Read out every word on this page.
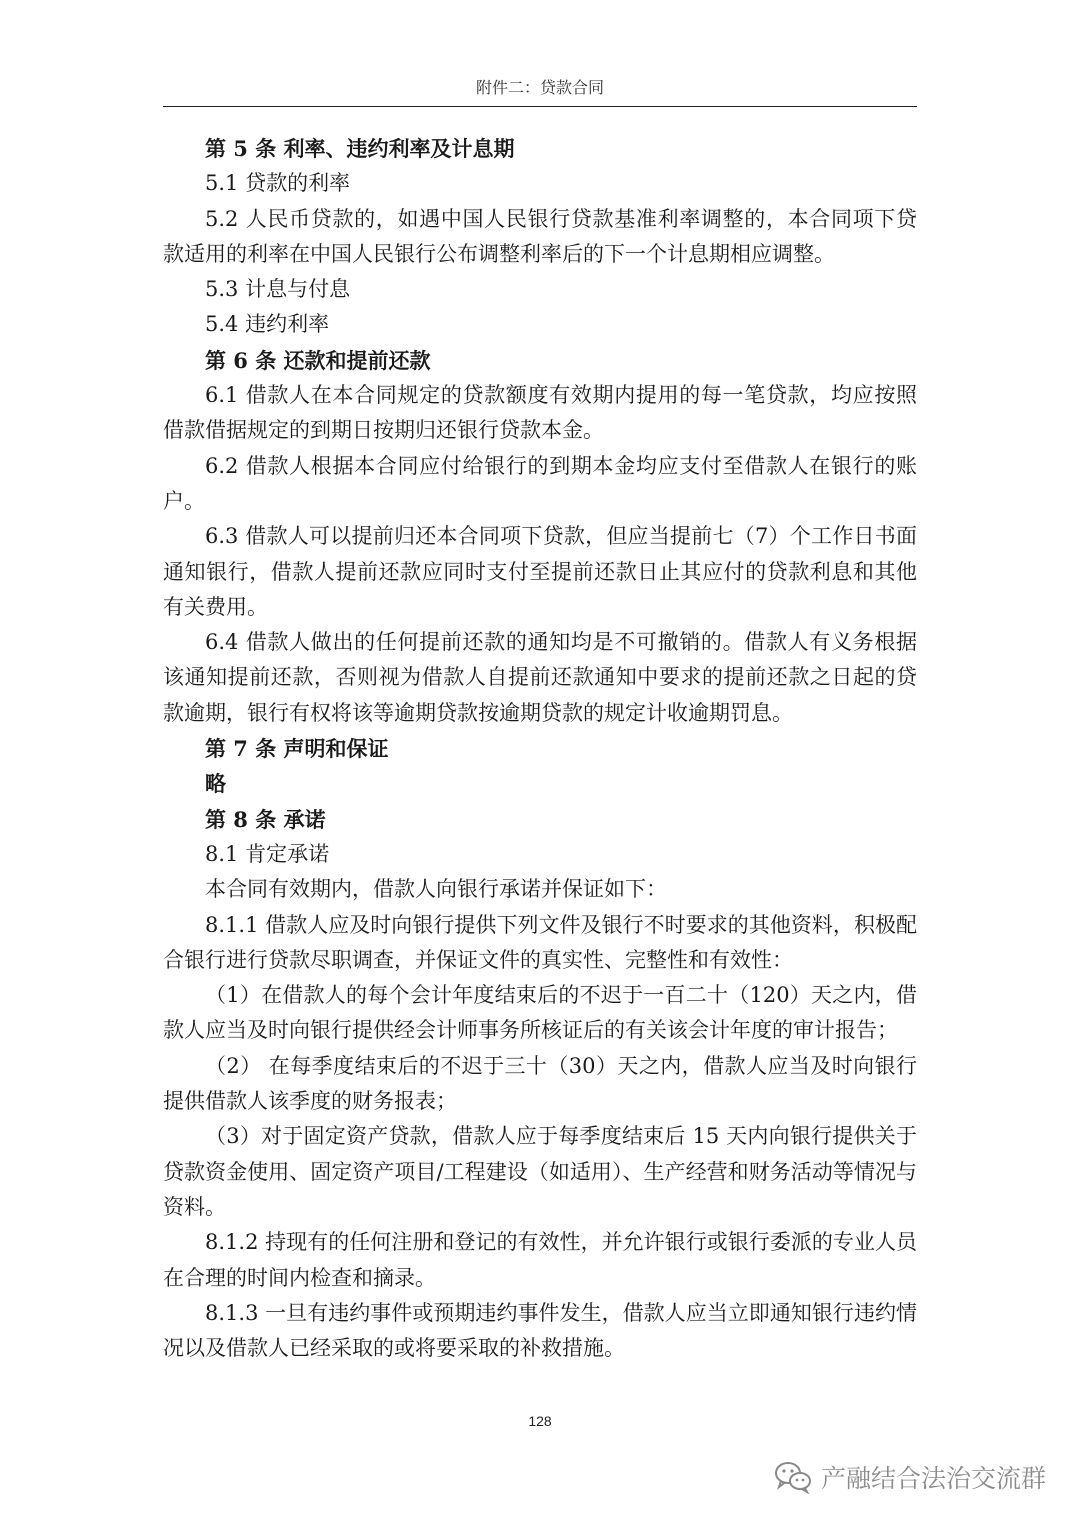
附件二：贷款合同

第 5 条 利率、违约利率及计息期

5.1 贷款的利率

5.2 人民币贷款的，如遇中国人民银行贷款基准利率调整的，本合同项下贷款适用的利率在中国人民银行公布调整利率后的下一个计息期相应调整。

5.3 计息与付息

5.4 违约利率

第 6 条 还款和提前还款

6.1 借款人在本合同规定的贷款额度有效期内提用的每一笔贷款，均应按照借款借据规定的到期日按期归还银行贷款本金。

6.2 借款人根据本合同应付给银行的到期本金均应支付至借款人在银行的账户。

6.3 借款人可以提前归还本合同项下贷款，但应当提前七（7）个工作日书面通知银行，借款人提前还款应同时支付至提前还款日止其应付的贷款利息和其他有关费用。

6.4 借款人做出的任何提前还款的通知均是不可撤销的。借款人有义务根据该通知提前还款，否则视为借款人自提前还款通知中要求的提前还款之日起的贷款逾期，银行有权将该等逾期贷款按逾期贷款的规定计收逾期罚息。

第 7 条 声明和保证

略

第 8 条 承诺

8.1 肯定承诺

本合同有效期内，借款人向银行承诺并保证如下：

8.1.1 借款人应及时向银行提供下列文件及银行不时要求的其他资料，积极配合银行进行贷款尽职调查，并保证文件的真实性、完整性和有效性：

（1）在借款人的每个会计年度结束后的不迟于一百二十（120）天之内，借款人应当及时向银行提供经会计师事务所核证后的有关该会计年度的审计报告；

（2） 在每季度结束后的不迟于三十（30）天之内，借款人应当及时向银行提供借款人该季度的财务报表；

（3）对于固定资产贷款，借款人应于每季度结束后 15 天内向银行提供关于贷款资金使用、固定资产项目/工程建设（如适用）、生产经营和财务活动等情况与资料。

8.1.2 持现有的任何注册和登记的有效性，并允许银行或银行委派的专业人员在合理的时间内检查和摘录。

8.1.3 一旦有违约事件或预期违约事件发生，借款人应当立即通知银行违约情况以及借款人已经采取的或将要采取的补救措施。

128
产融结合法治交流群
